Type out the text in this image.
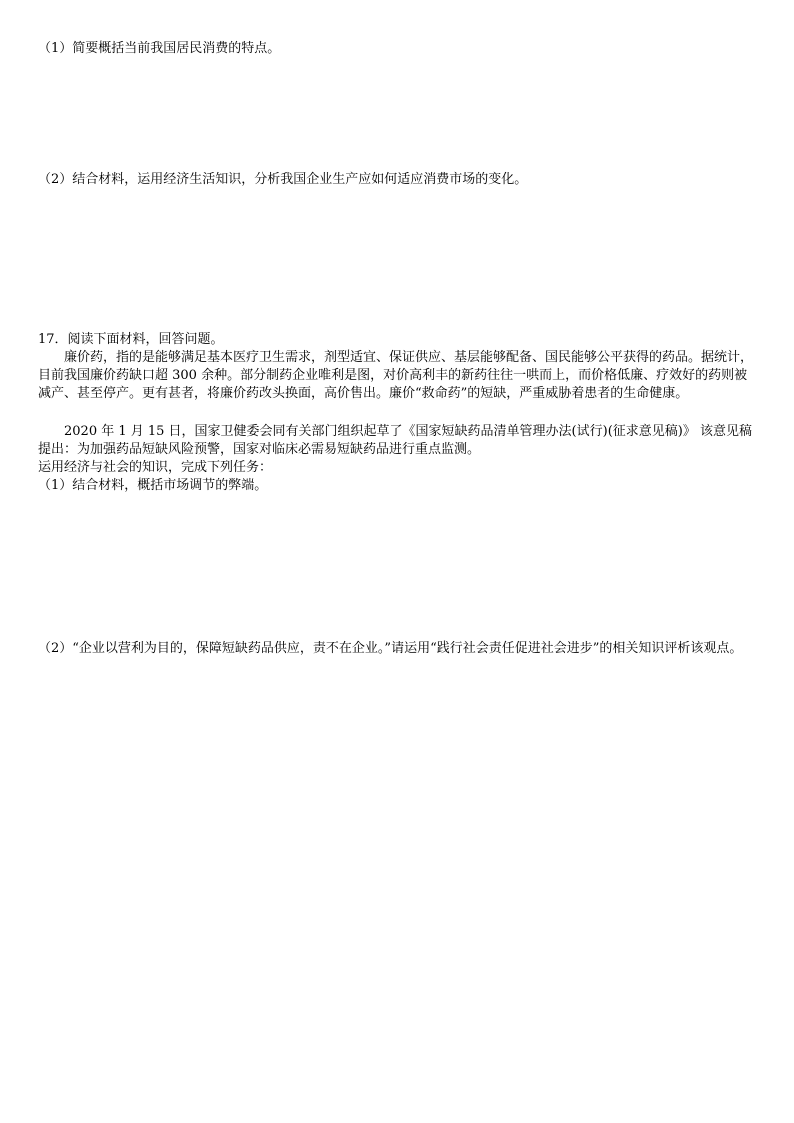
（1）简要概括当前我国居民消费的特点。
（2）结合材料，运用经济生活知识，分析我国企业生产应如何适应消费市场的变化。
17．阅读下面材料，回答问题。
廉价药，指的是能够满足基本医疗卫生需求，剂型适宜、保证供应、基层能够配备、国民能够公平获得的药品。据统计，目前我国廉价药缺口超 300 余种。部分制药企业唯利是图，对价高利丰的新药往往一哄而上，而价格低廉、疗效好的药则被减产、甚至停产。更有甚者，将廉价药改头换面，高价售出。廉价“救命药”的短缺，严重威胁着患者的生命健康。
2020 年 1 月 15 日，国家卫健委会同有关部门组织起草了《国家短缺药品清单管理办法(试行)(征求意见稿)》 该意见稿提出：为加强药品短缺风险预警，国家对临床必需易短缺药品进行重点监测。
运用经济与社会的知识，完成下列任务：
（1）结合材料，概括市场调节的弊端。
（2）“企业以营利为目的，保障短缺药品供应，责不在企业。”请运用“践行社会责任促进社会进步”的相关知识评析该观点。
